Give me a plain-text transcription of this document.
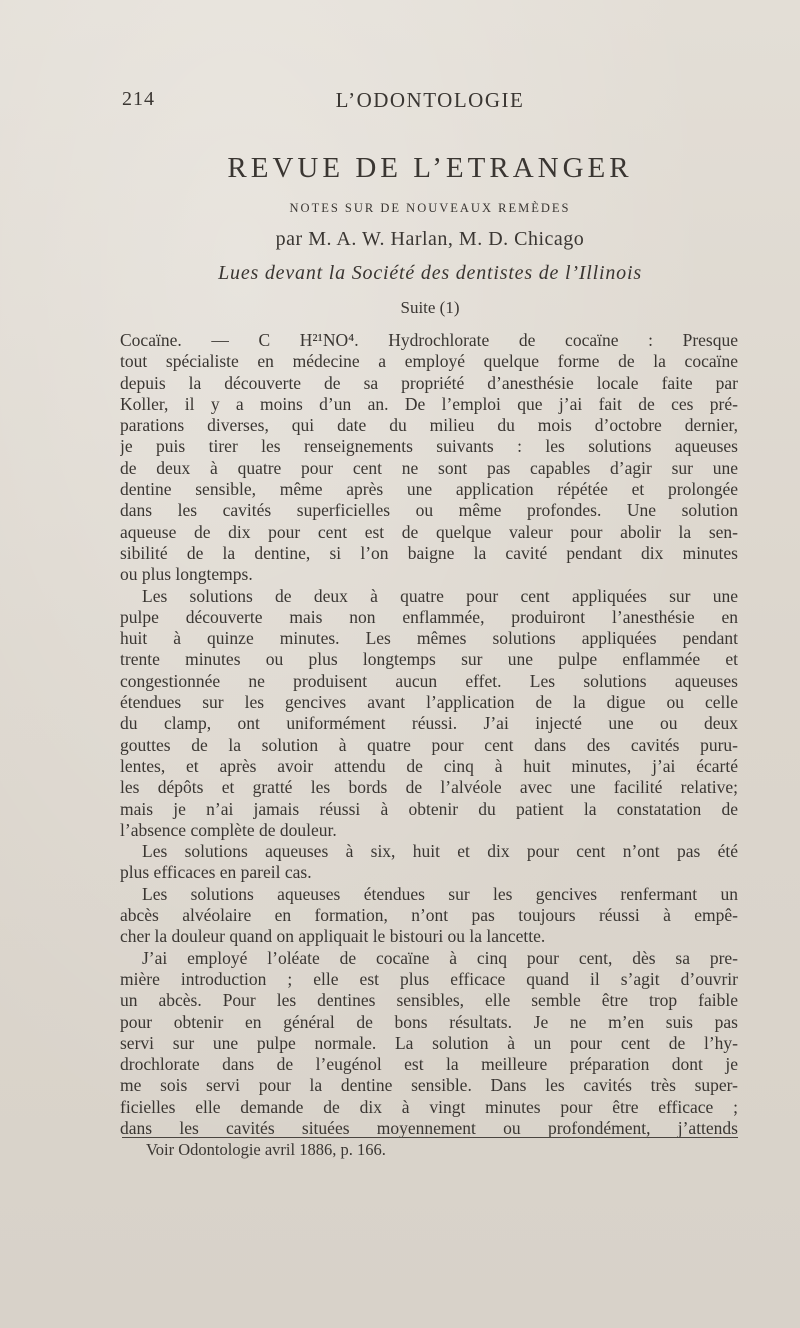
214	L’ODONTOLOGIE
REVUE DE L’ETRANGER
NOTES SUR DE NOUVEAUX REMÈDES
par M. A. W. Harlan, M. D. Chicago
Lues devant la Société des dentistes de l’Illinois
Suite (1)
Cocaïne. — C H²¹NO⁴. Hydrochlorate de cocaïne : Presque
tout spécialiste en médecine a employé quelque forme de la cocaïne
depuis la découverte de sa propriété d’anesthésie locale faite par
Koller, il y a moins d’un an. De l’emploi que j’ai fait de ces pré-
parations diverses, qui date du milieu du mois d’octobre dernier,
je puis tirer les renseignements suivants : les solutions aqueuses
de deux à quatre pour cent ne sont pas capables d’agir sur une
dentine sensible, même après une application répétée et prolongée
dans les cavités superficielles ou même profondes. Une solution
aqueuse de dix pour cent est de quelque valeur pour abolir la sen-
sibilité de la dentine, si l’on baigne la cavité pendant dix minutes
ou plus longtemps.
Les solutions de deux à quatre pour cent appliquées sur une
pulpe découverte mais non enflammée, produiront l’anesthésie en
huit à quinze minutes. Les mêmes solutions appliquées pendant
trente minutes ou plus longtemps sur une pulpe enflammée et
congestionnée ne produisent aucun effet. Les solutions aqueuses
étendues sur les gencives avant l’application de la digue ou celle
du clamp, ont uniformément réussi. J’ai injecté une ou deux
gouttes de la solution à quatre pour cent dans des cavités puru-
lentes, et après avoir attendu de cinq à huit minutes, j’ai écarté
les dépôts et gratté les bords de l’alvéole avec une facilité relative;
mais je n’ai jamais réussi à obtenir du patient la constatation de
l’absence complète de douleur.
Les solutions aqueuses à six, huit et dix pour cent n’ont pas été
plus efficaces en pareil cas.
Les solutions aqueuses étendues sur les gencives renfermant un
abcès alvéolaire en formation, n’ont pas toujours réussi à empê-
cher la douleur quand on appliquait le bistouri ou la lancette.
J’ai employé l’oléate de cocaïne à cinq pour cent, dès sa pre-
mière introduction ; elle est plus efficace quand il s’agit d’ouvrir
un abcès. Pour les dentines sensibles, elle semble être trop faible
pour obtenir en général de bons résultats. Je ne m’en suis pas
servi sur une pulpe normale. La solution à un pour cent de l’hy-
drochlorate dans de l’eugénol est la meilleure préparation dont je
me sois servi pour la dentine sensible. Dans les cavités très super-
ficielles elle demande de dix à vingt minutes pour être efficace ;
dans les cavités situées moyennement ou profondément, j’attends
Voir Odontologie avril 1886, p. 166.
